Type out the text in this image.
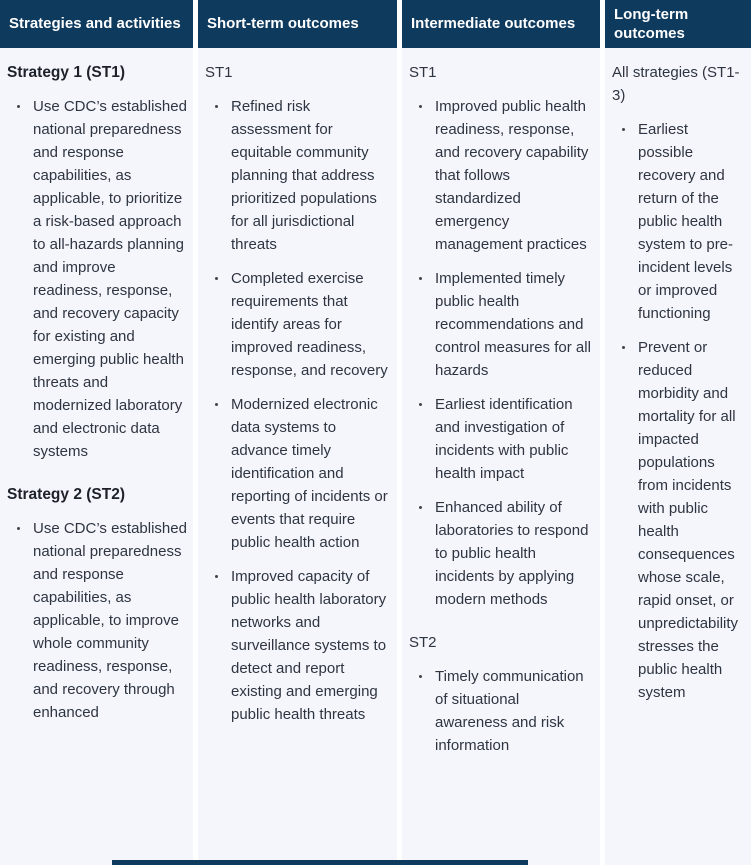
Strategies and activities
Strategy 1 (ST1)
Use CDC’s established national preparedness and response capabilities, as applicable, to prioritize a risk-based approach to all-hazards planning and improve readiness, response, and recovery capacity for existing and emerging public health threats and modernized laboratory and electronic data systems
Strategy 2 (ST2)
Use CDC’s established national preparedness and response capabilities, as applicable, to improve whole community readiness, response, and recovery through enhanced
Short-term outcomes
ST1
Refined risk assessment for equitable community planning that address prioritized populations for all jurisdictional threats
Completed exercise requirements that identify areas for improved readiness, response, and recovery
Modernized electronic data systems to advance timely identification and reporting of incidents or events that require public health action
Improved capacity of public health laboratory networks and surveillance systems to detect and report existing and emerging public health threats
Intermediate outcomes
ST1
Improved public health readiness, response, and recovery capability that follows standardized emergency management practices
Implemented timely public health recommendations and control measures for all hazards
Earliest identification and investigation of incidents with public health impact
Enhanced ability of laboratories to respond to public health incidents by applying modern methods
ST2
Timely communication of situational awareness and risk information
Long-term outcomes
All strategies (ST1-3)
Earliest possible recovery and return of the public health system to pre-incident levels or improved functioning
Prevent or reduced morbidity and mortality for all impacted populations from incidents with public health consequences whose scale, rapid onset, or unpredictability stresses the public health system
